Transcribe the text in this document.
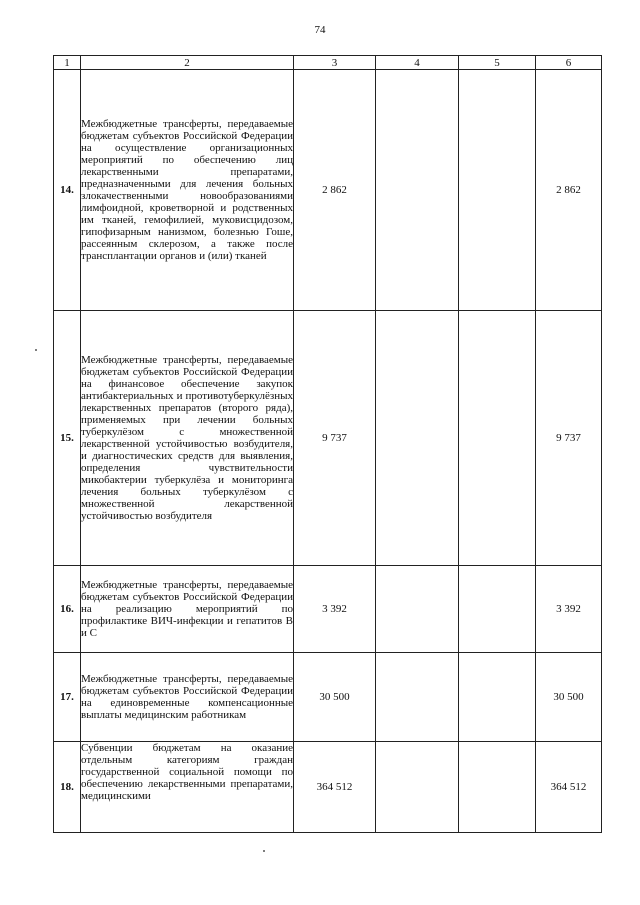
74
1	2	3	4	5	6
14.	Межбюджетные трансферты, передаваемые бюджетам субъектов Российской Федерации на осуществление организационных мероприятий по обеспечению лиц лекарственными препаратами, предназначенными для лечения больных злокачественными новообразованиями лимфоидной, кроветворной и родственных им тканей, гемофилией, муковисцидозом, гипофизарным нанизмом, болезнью Гоше, рассеянным склерозом, а также после трансплантации органов и (или) тканей	2 862			2 862
15.	Межбюджетные трансферты, передаваемые бюджетам субъектов Российской Федерации на финансовое обеспечение закупок антибактериальных и противотуберкулёзных лекарственных препаратов (второго ряда), применяемых при лечении больных туберкулёзом с множественной лекарственной устойчивостью возбудителя, и диагностических средств для выявления, определения чувствительности микобактерии туберкулёза и мониторинга лечения больных туберкулёзом с множественной лекарственной устойчивостью возбудителя	9 737			9 737
16.	Межбюджетные трансферты, передаваемые бюджетам субъектов Российской Федерации на реализацию мероприятий по профилактике ВИЧ-инфекции и гепатитов В и С	3 392			3 392
17.	Межбюджетные трансферты, передаваемые бюджетам субъектов Российской Федерации на единовременные компенсационные выплаты медицинским работникам	30 500			30 500
18.	Субвенции бюджетам на оказание отдельным категориям граждан государственной социальной помощи по обеспечению лекарственными препаратами, медицинскими	364 512			364 512
